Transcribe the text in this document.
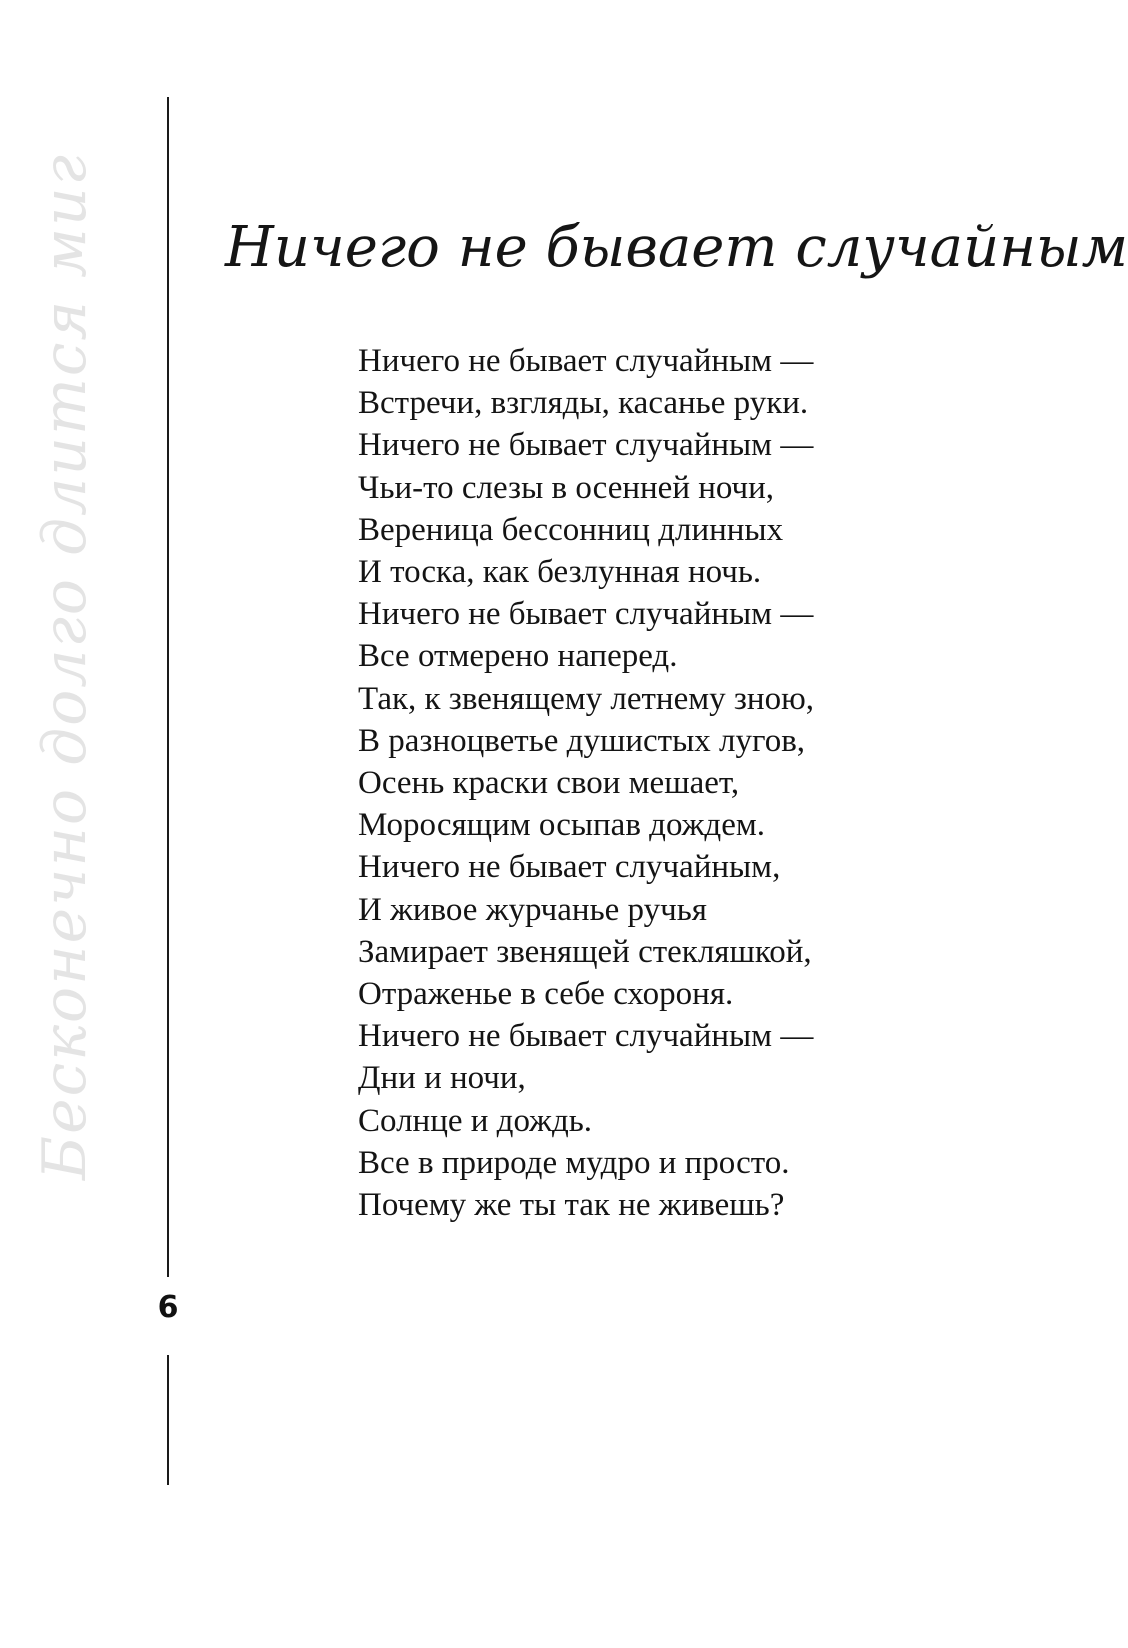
Бесконечно долго длится миг
6
Ничего не бывает случайным
Ничего не бывает случайным —
Встречи, взгляды, касанье руки.
Ничего не бывает случайным —
Чьи-то слезы в осенней ночи,
Вереница бессонниц длинных
И тоска, как безлунная ночь.
Ничего не бывает случайным —
Все отмерено наперед.
Так, к звенящему летнему зною,
В разноцветье душистых лугов,
Осень краски свои мешает,
Моросящим осыпав дождем.
Ничего не бывает случайным,
И живое журчанье ручья
Замирает звенящей стекляшкой,
Отраженье в себе схороня.
Ничего не бывает случайным —
Дни и ночи,
Солнце и дождь.
Все в природе мудро и просто.
Почему же ты так не живешь?
